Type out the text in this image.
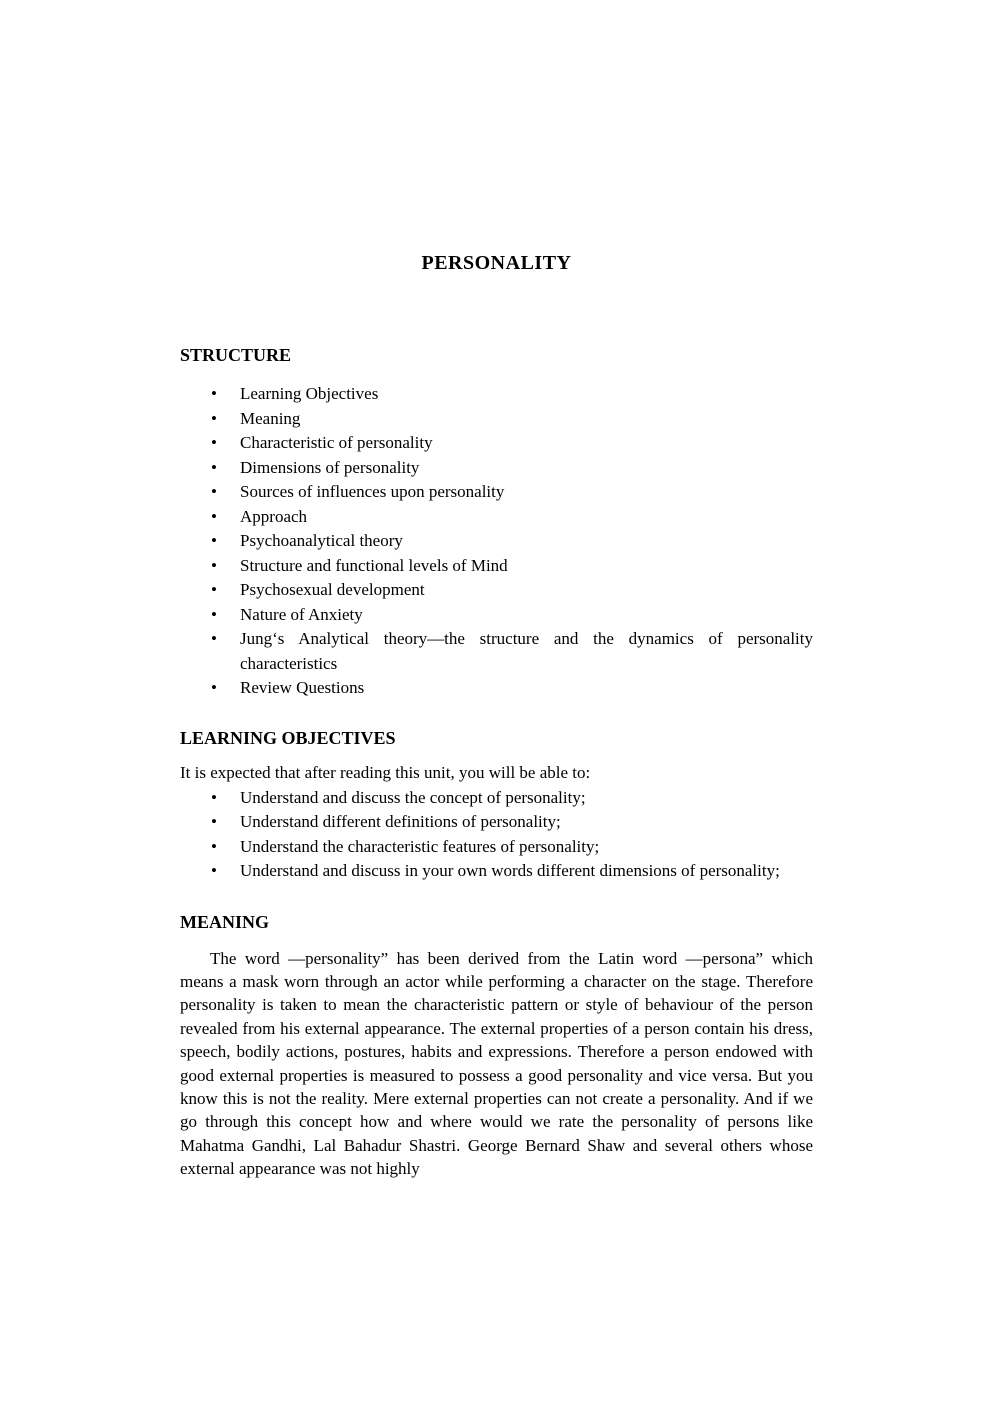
PERSONALITY
STRUCTURE
• Learning Objectives
• Meaning
• Characteristic of personality
• Dimensions of personality
• Sources of influences upon personality
• Approach
• Psychoanalytical theory
• Structure and functional levels of Mind
• Psychosexual development
• Nature of Anxiety
• Jung‘s Analytical theory—the structure and the dynamics of personality characteristics
• Review Questions
LEARNING OBJECTIVES

It is expected that after reading this unit, you will be able to:

• Understand and discuss the concept of personality;
• Understand different definitions of personality;
• Understand the characteristic features of personality;
• Understand and discuss in your own words different dimensions of personality;
MEANING

The word ―personality” has been derived from the Latin word ―persona” which means a mask worn through an actor while performing a character on the stage. Therefore personality is taken to mean the characteristic pattern or style of behaviour of the person revealed from his external appearance. The external properties of a person contain his dress, speech, bodily actions, postures, habits and expressions. Therefore a person endowed with good external properties is measured to possess a good personality and vice versa. But you know this is not the reality. Mere external properties can not create a personality. And if we go through this concept how and where would we rate the personality of persons like Mahatma Gandhi, Lal Bahadur Shastri. George Bernard Shaw and several others whose external appearance was not highly
